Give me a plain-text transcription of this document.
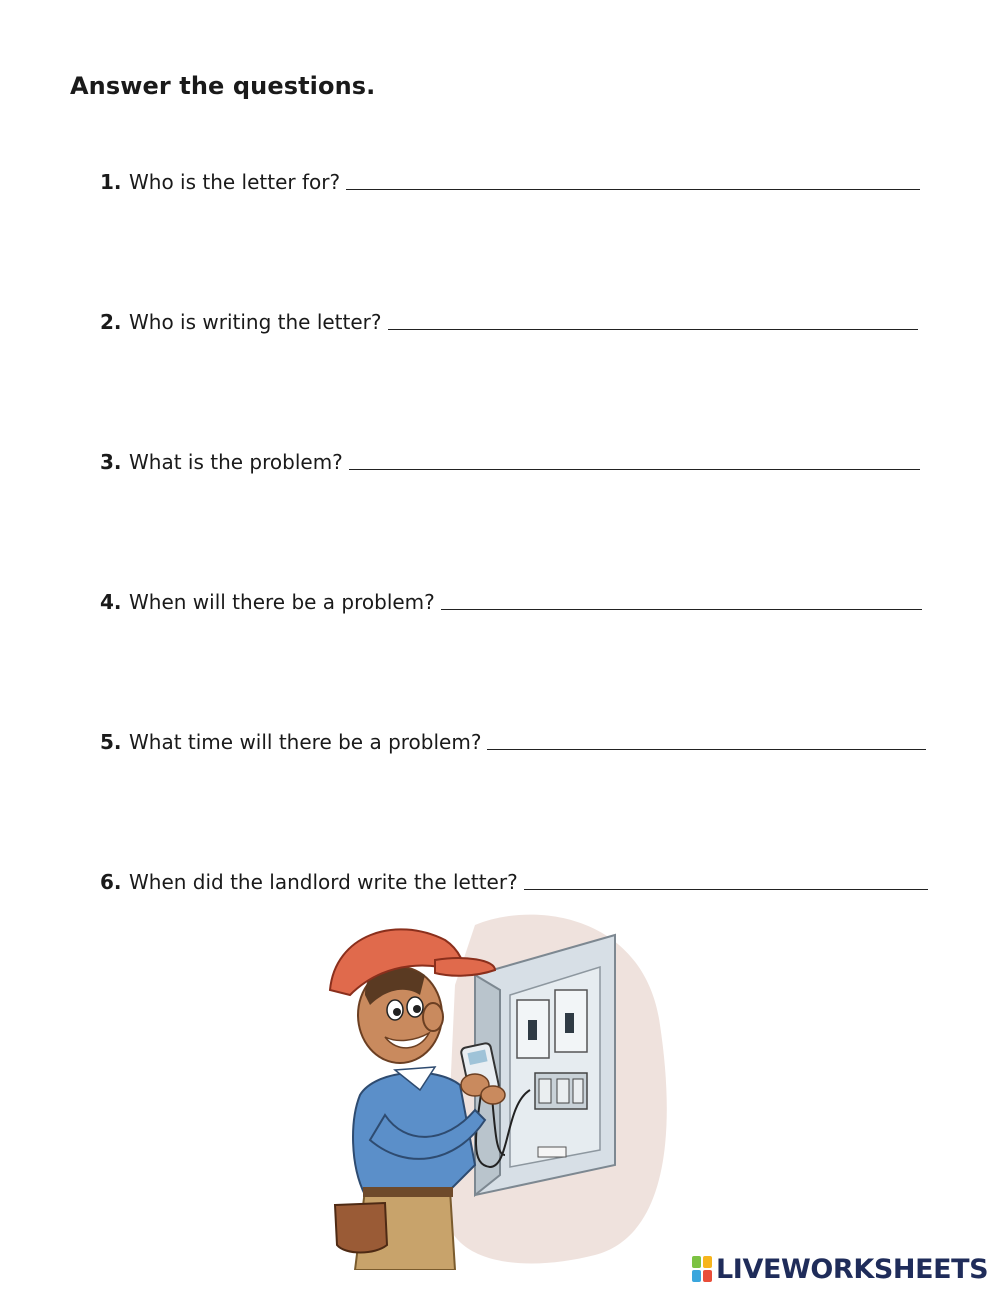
Answer the questions.
1. Who is the letter for?
2. Who is writing the letter?
3. What is the problem?
4. When will there be a problem?
5. What time will there be a problem?
6. When did the landlord write the letter?
LIVEWORKSHEETS
